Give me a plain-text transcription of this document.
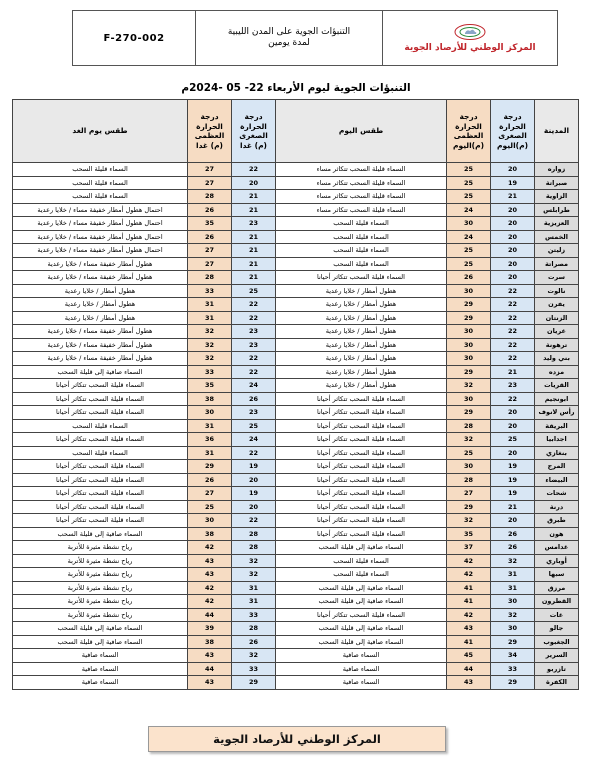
F-270-002
التنبؤات الجوية على المدن الليبية
لمدة يومين	المركز الوطني للأرصاد الجوية
التنبؤات الجوية ليوم الأربعاء 22- 05 -2024م
المدينة	درجة الحرارة الصغرى (م)اليوم	درجة الحرارة العظمى (م)اليوم	طقس اليوم	درجة الحرارة الصغرى (م) غدا	درجة الحرارة العظمى (م) غدا	طقس يوم الغد
زواره	20	25	السماء قليلة السحب تتكاثر مساء	22	27	السماء قليلة السحب
صبراتة	19	25	السماء قليلة السحب تتكاثر مساء	20	27	السماء قليلة السحب
الزاوية	21	25	السماء قليلة السحب تتكاثر مساء	21	28	السماء قليلة السحب
طرابلس	20	24	السماء قليلة السحب تتكاثر مساء	21	26	احتمال هطول أمطار خفيفة مساء / خلايا رعدية
العزيزية	20	30	السماء قليلة السحب	23	35	احتمال هطول أمطار خفيفة مساء / خلايا رعدية
الخمس	20	24	السماء قليلة السحب	21	26	احتمال هطول أمطار خفيفة مساء / خلايا رعدية
زليتن	20	25	السماء قليلة السحب	21	27	احتمال هطول أمطار خفيفة مساء / خلايا رعدية
مصراتة	20	25	السماء قليلة السحب	21	27	هطول أمطار خفيفة مساء / خلايا رعدية
سرت	20	26	السماء قليلة السحب تتكاثر أحيانا	21	28	هطول أمطار خفيفة مساء / خلايا رعدية
نالوت	22	30	هطول أمطار / خلايا رعدية	25	33	هطول أمطار / خلايا رعدية
يفرن	22	29	هطول أمطار / خلايا رعدية	22	31	هطول أمطار / خلايا رعدية
الزنتان	22	29	هطول أمطار / خلايا رعدية	22	31	هطول أمطار / خلايا رعدية
غريان	22	30	هطول أمطار / خلايا رعدية	23	32	هطول أمطار خفيفة مساء / خلايا رعدية
ترهونة	22	30	هطول أمطار / خلايا رعدية	23	32	هطول أمطار خفيفة مساء / خلايا رعدية
بني وليد	22	30	هطول أمطار / خلايا رعدية	22	32	هطول أمطار خفيفة مساء / خلايا رعدية
مزده	21	29	هطول أمطار / خلايا رعدية	22	33	السماء صافية إلى قليلة السحب
القريات	23	32	هطول أمطار / خلايا رعدية	24	35	السماء قليلة السحب تتكاثر أحيانا
ابونجيم	22	30	السماء قليلة السحب تتكاثر أحيانا	26	38	السماء قليلة السحب تتكاثر أحيانا
رأس لانوف	20	29	السماء قليلة السحب تتكاثر أحيانا	23	30	السماء قليلة السحب تتكاثر أحيانا
البريقة	20	28	السماء قليلة السحب تتكاثر أحيانا	25	31	السماء قليلة السحب
اجدابيا	25	32	السماء قليلة السحب تتكاثر أحيانا	24	36	السماء قليلة السحب تتكاثر أحيانا
بنغازي	20	25	السماء قليلة السحب تتكاثر أحيانا	22	31	السماء قليلة السحب
المرج	19	30	السماء قليلة السحب تتكاثر أحيانا	19	29	السماء قليلة السحب تتكاثر أحيانا
البيضاء	19	28	السماء قليلة السحب تتكاثر أحيانا	20	26	السماء قليلة السحب تتكاثر أحيانا
شحات	19	27	السماء قليلة السحب تتكاثر أحيانا	19	27	السماء قليلة السحب تتكاثر أحيانا
درنة	21	29	السماء قليلة السحب تتكاثر أحيانا	20	25	السماء قليلة السحب تتكاثر أحيانا
طبرق	20	32	السماء قليلة السحب تتكاثر أحيانا	22	30	السماء قليلة السحب تتكاثر أحيانا
هون	26	35	السماء قليلة السحب تتكاثر أحيانا	28	38	السماء صافية إلى قليلة السحب
غدامس	26	37	السماء صافية إلى قليلة السحب	28	42	رياح نشطة مثيرة للأتربة
أوباري	32	42	السماء قليلة السحب	32	43	رياح نشطة مثيرة للأتربة
سبها	31	42	السماء قليلة السحب	32	43	رياح نشطة مثيرة للأتربة
مرزق	31	41	السماء صافية إلى قليلة السحب	31	42	رياح نشطة مثيرة للأتربة
القطرون	30	41	السماء صافية إلى قليلة السحب	31	42	رياح نشطة مثيرة للأتربة
غات	32	42	السماء قليلة السحب تتكاثر أحيانا	33	44	رياح نشطة مثيرة للأتربة
جالو	30	43	السماء صافية إلى قليلة السحب	28	39	السماء صافية إلى قليلة السحب
الجغبوب	29	41	السماء صافية إلى قليلة السحب	26	38	السماء صافية إلى قليلة السحب
السرير	34	45	السماء صافية	32	43	السماء صافية
تازربو	33	44	السماء صافية	33	44	السماء صافية
الكفرة	29	43	السماء صافية	29	43	السماء صافية
المركز الوطني للأرصاد الجوية
